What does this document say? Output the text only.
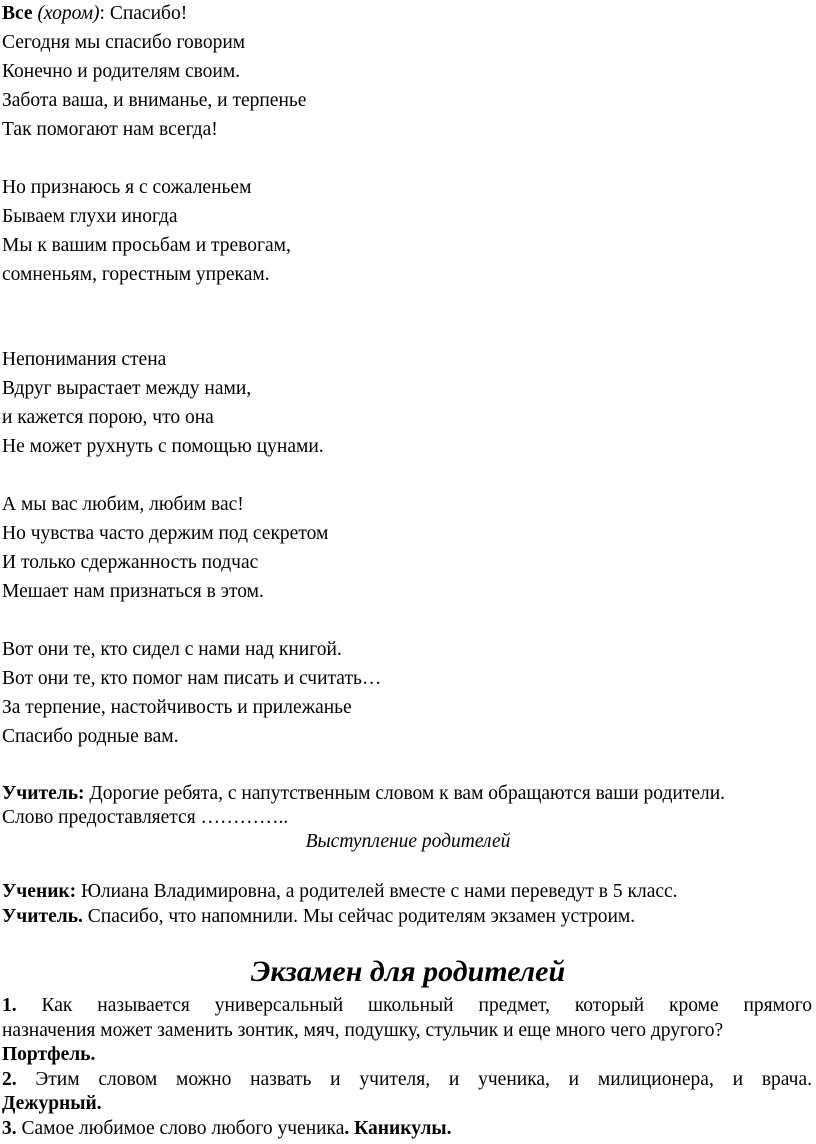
Все (хором): Спасибо!
Сегодня мы спасибо говорим
Конечно и родителям своим.
Забота ваша, и вниманье, и терпенье
Так помогают нам всегда!
Но признаюсь я с сожаленьем
Бываем глухи иногда
Мы к вашим просьбам и тревогам,
сомненьям, горестным упрекам.
Непонимания стена
Вдруг вырастает между нами,
и кажется порою, что она
Не может рухнуть с помощью цунами.
А мы вас любим, любим вас!
Но чувства часто держим под секретом
И только сдержанность подчас
Мешает нам признаться в этом.
Вот они те, кто сидел с нами над книгой.
Вот они те, кто помог нам писать и считать…
За терпение, настойчивость и прилежанье
Спасибо родные вам.
Учитель: Дорогие ребята, с напутственным словом к вам обращаются ваши родители.
Слово предоставляется …………..
Выступление родителей
Ученик: Юлиана Владимировна, а родителей вместе с нами переведут в 5 класс.
Учитель. Спасибо, что напомнили. Мы сейчас родителям экзамен устроим.
Экзамен для родителей
1. Как называется универсальный школьный предмет, который кроме прямого
назначения может заменить зонтик, мяч, подушку, стульчик и еще много чего другого?
Портфель.
2. Этим словом можно назвать и учителя, и ученика, и милиционера, и врача.
Дежурный.
3. Самое любимое слово любого ученика. Каникулы.
